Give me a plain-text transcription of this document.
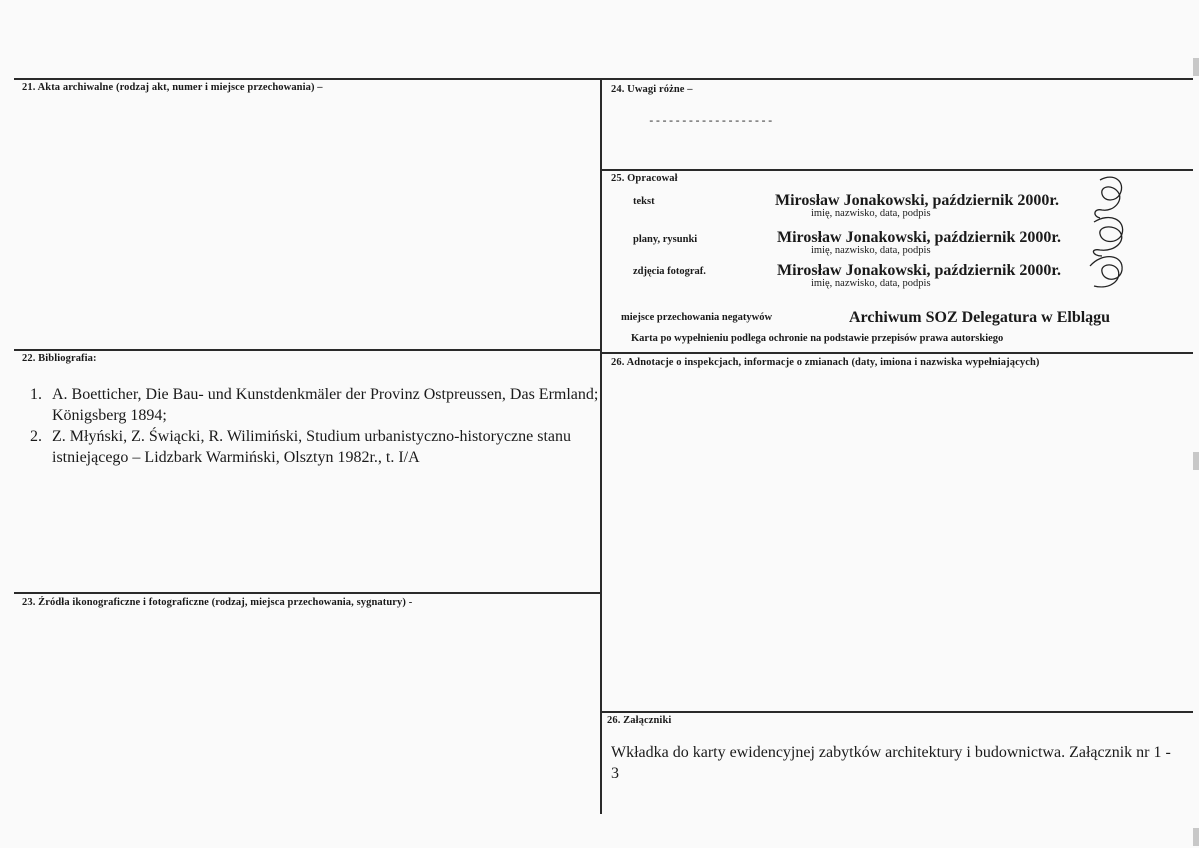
21. Akta archiwalne (rodzaj akt, numer i miejsce przechowania) –
22. Bibliografia:
1. A. Boetticher, Die Bau- und Kunstdenkmäler der Provinz Ostpreussen, Das Ermland; Königsberg 1894;
2. Z. Młyński, Z. Świącki, R. Wilimiński, Studium urbanistyczno-historyczne stanu istniejącego – Lidzbark Warmiński, Olsztyn 1982r., t. I/A
23. Źródła ikonograficzne i fotograficzne (rodzaj, miejsca przechowania, sygnatury) -
24. Uwagi różne –
-------------------
25. Opracował
tekst	Mirosław Jonakowski, październik 2000r.
imię, nazwisko, data, podpis
plany, rysunki	Mirosław Jonakowski, październik 2000r.
imię, nazwisko, data, podpis
zdjęcia fotograf.	Mirosław Jonakowski, październik 2000r.
imię, nazwisko, data, podpis
miejsce przechowania negatywów	Archiwum SOZ Delegatura w Elblągu
Karta po wypełnieniu podlega ochronie na podstawie przepisów prawa autorskiego
26. Adnotacje o inspekcjach, informacje o zmianach (daty, imiona i nazwiska wypełniających)
26. Załączniki
Wkładka do karty ewidencyjnej zabytków architektury i budownictwa. Załącznik nr 1 - 3
